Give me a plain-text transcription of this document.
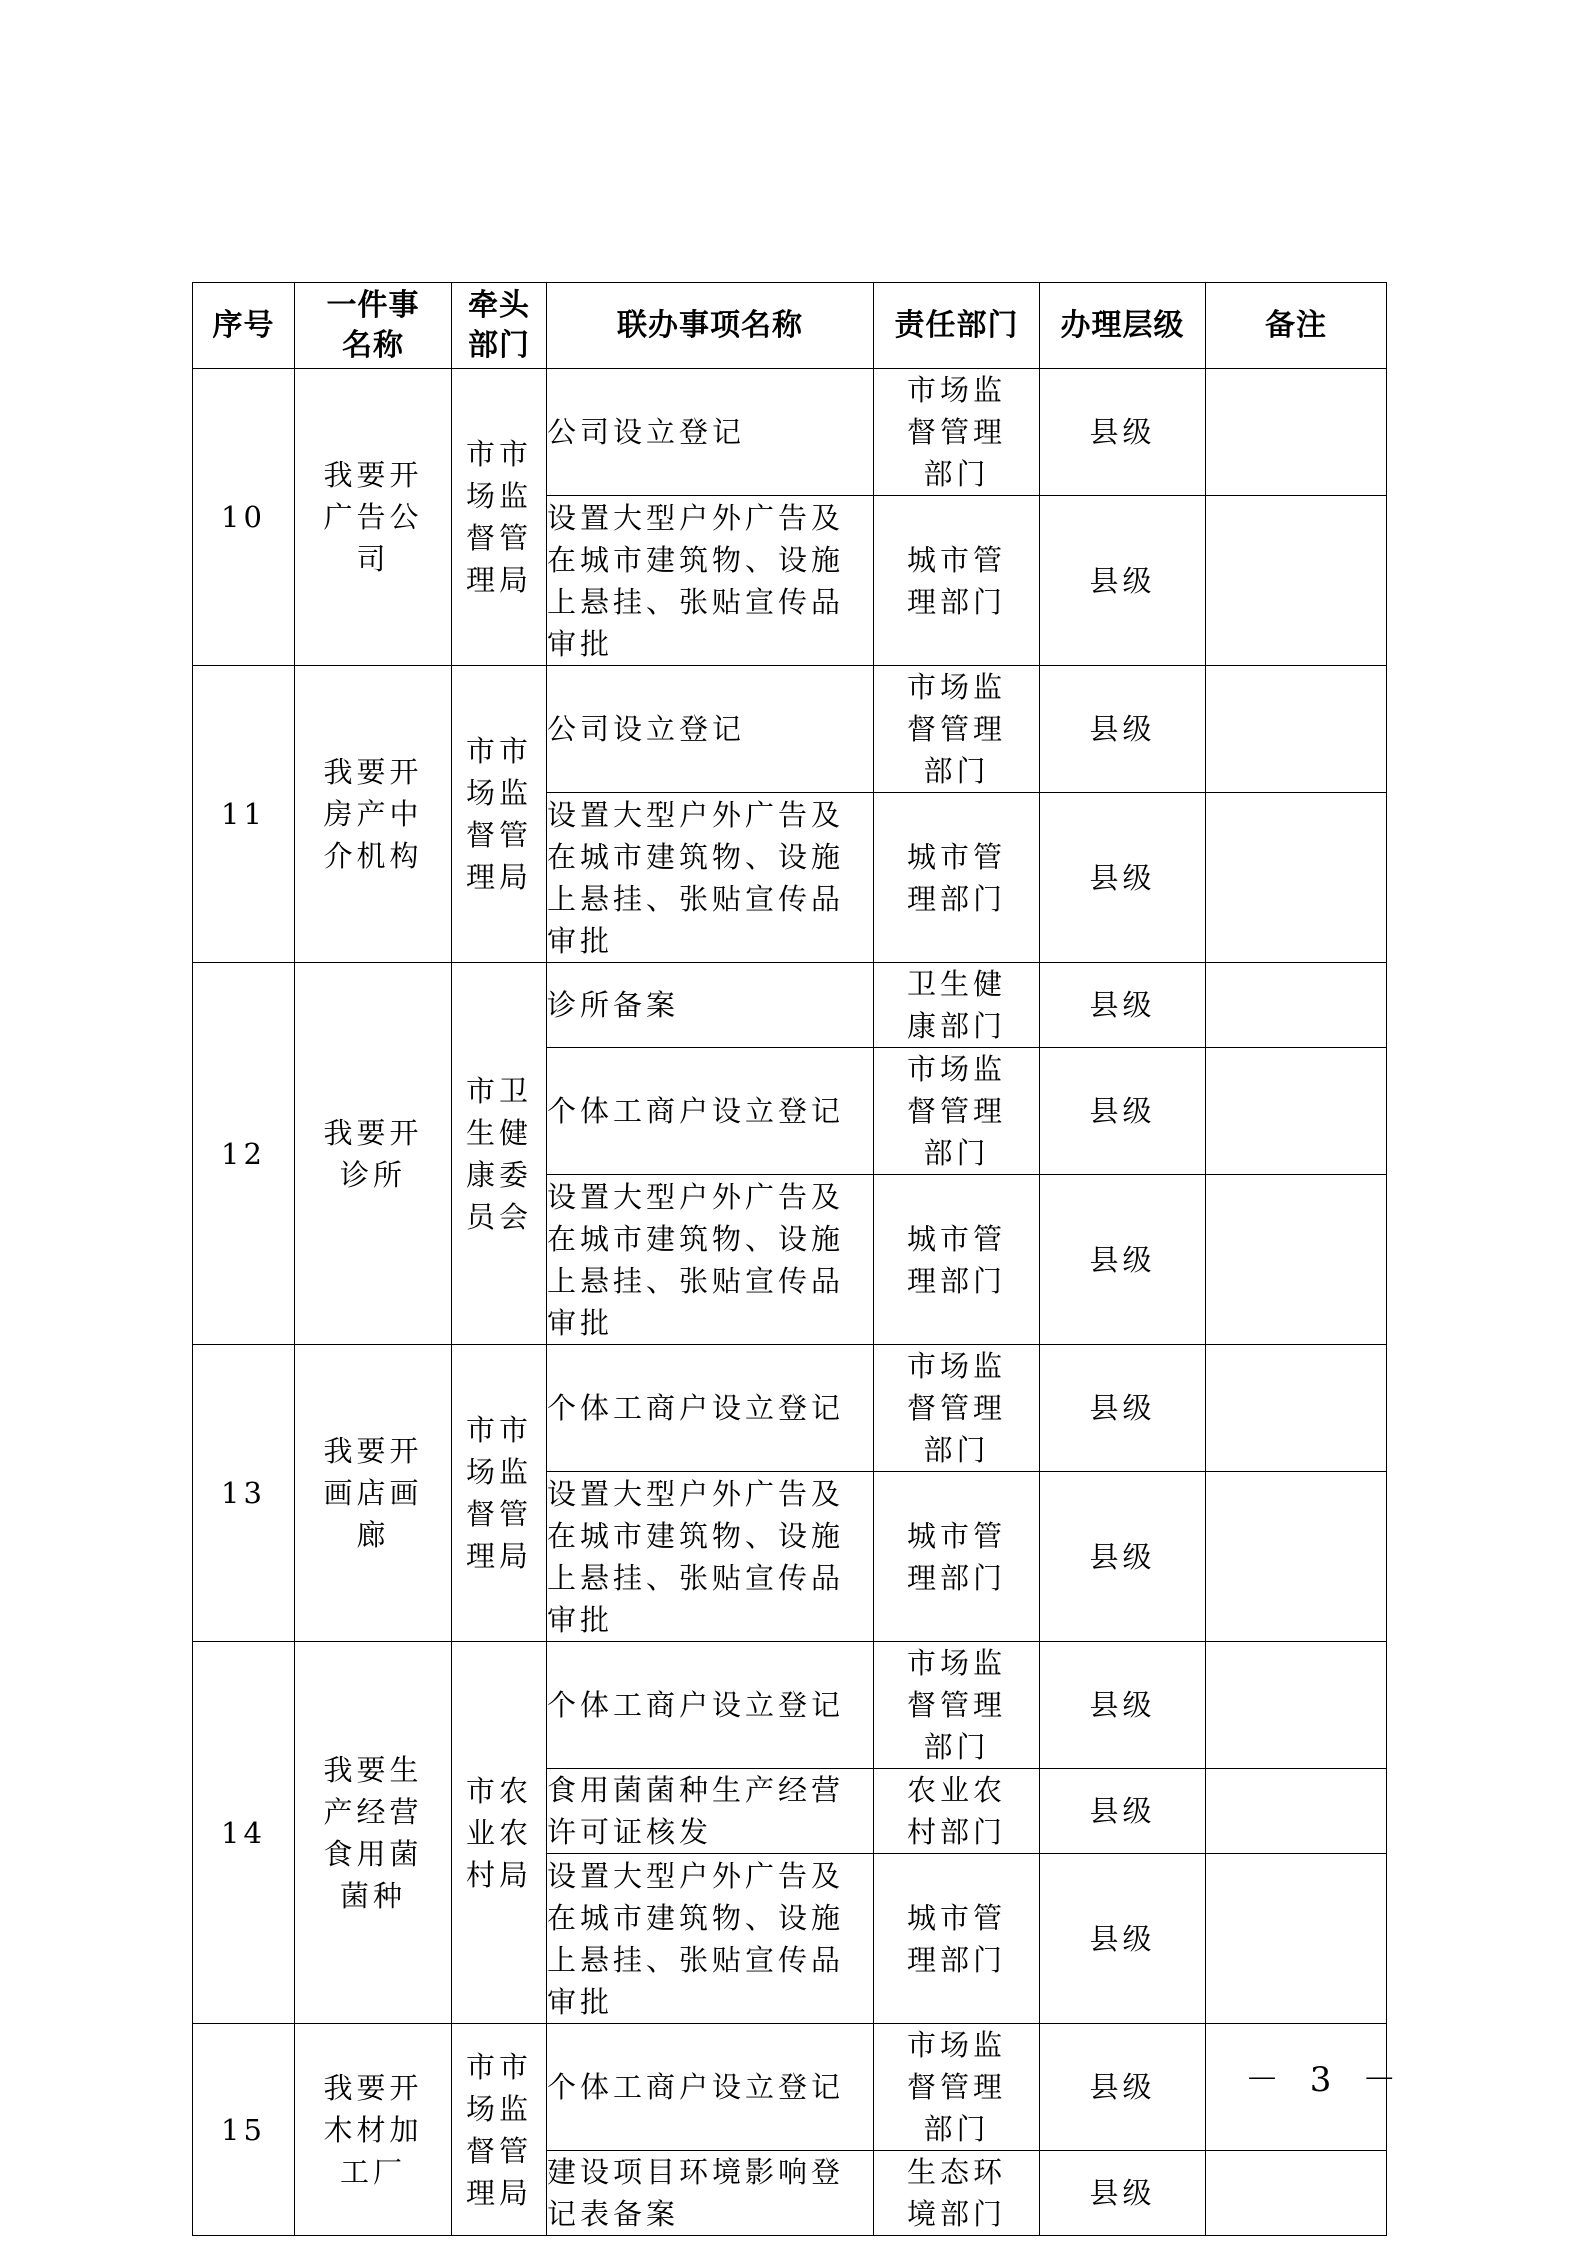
序号	一件事名称	牵头部门	联办事项名称	责任部门	办理层级	备注
10	我要开广告公司	市市场监督管理局	公司设立登记	市场监督管理部门	县级	
			设置大型户外广告及在城市建筑物、设施上悬挂、张贴宣传品审批	城市管理部门	县级	
11	我要开房产中介机构	市市场监督管理局	公司设立登记	市场监督管理部门	县级	
			设置大型户外广告及在城市建筑物、设施上悬挂、张贴宣传品审批	城市管理部门	县级	
12	我要开诊所	市卫生健康委员会	诊所备案	卫生健康部门	县级	
			个体工商户设立登记	市场监督管理部门	县级	
			设置大型户外广告及在城市建筑物、设施上悬挂、张贴宣传品审批	城市管理部门	县级	
13	我要开画店画廊	市市场监督管理局	个体工商户设立登记	市场监督管理部门	县级	
			设置大型户外广告及在城市建筑物、设施上悬挂、张贴宣传品审批	城市管理部门	县级	
14	我要生产经营食用菌菌种	市农业农村局	个体工商户设立登记	市场监督管理部门	县级	
			食用菌菌种生产经营许可证核发	农业农村部门	县级	
			设置大型户外广告及在城市建筑物、设施上悬挂、张贴宣传品审批	城市管理部门	县级	
15	我要开木材加工厂	市市场监督管理局	个体工商户设立登记	市场监督管理部门	县级	
			建设项目环境影响登记表备案	生态环境部门	县级	
－ 3 －
